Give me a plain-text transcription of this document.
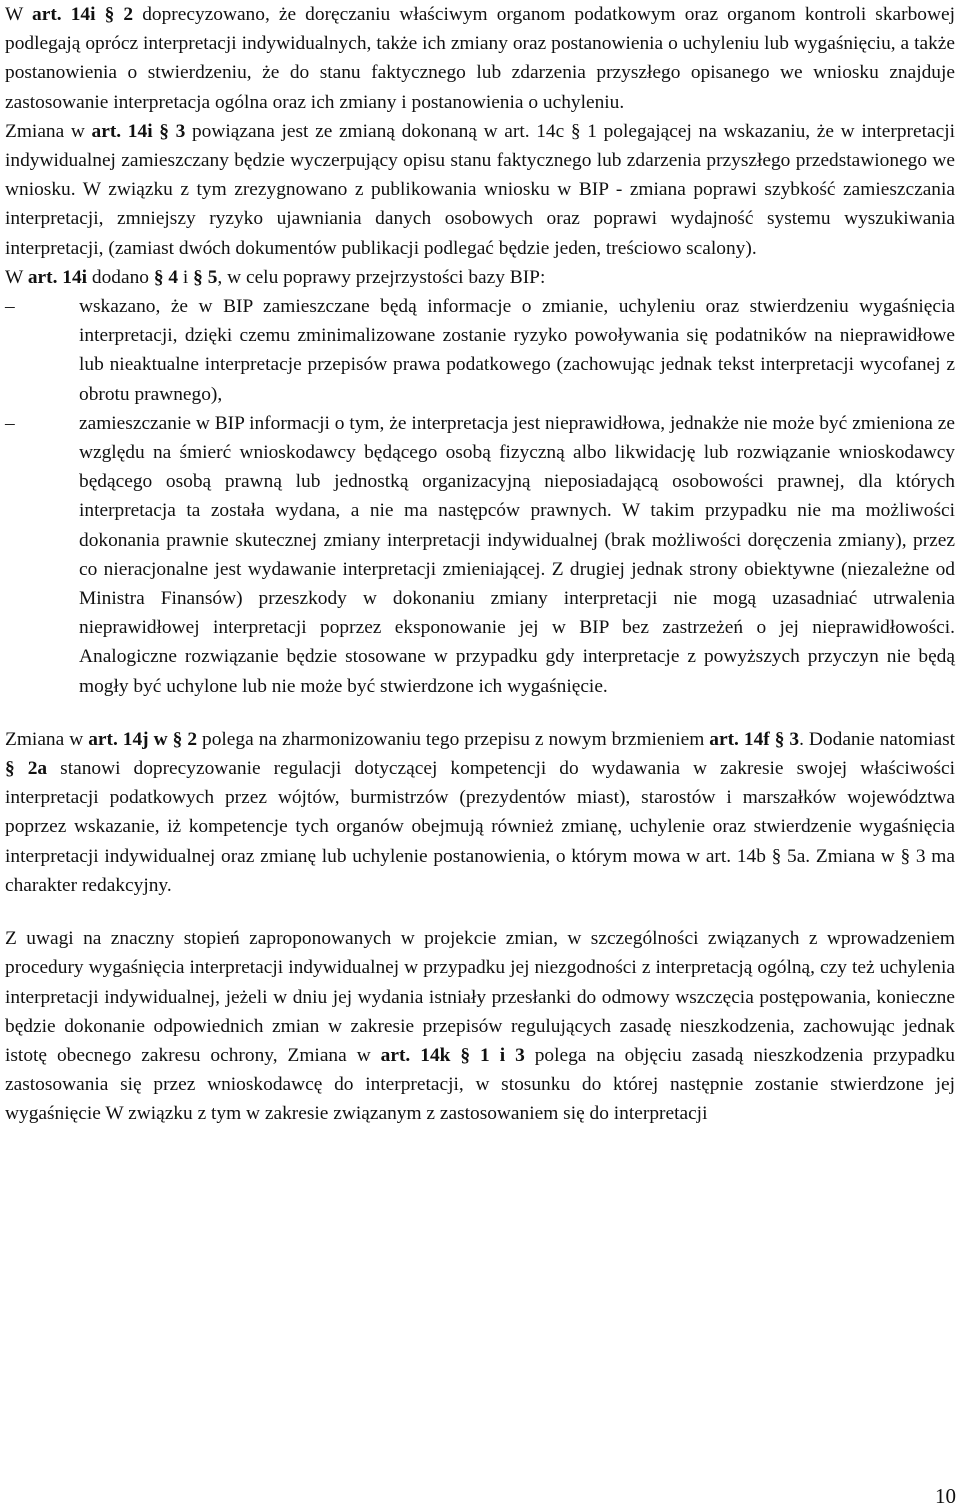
W art. 14i § 2 doprecyzowano, że doręczaniu właściwym organom podatkowym oraz organom kontroli skarbowej podlegają oprócz interpretacji indywidualnych, także ich zmiany oraz postanowienia o uchyleniu lub wygaśnięciu, a także postanowienia o stwierdzeniu, że do stanu faktycznego lub zdarzenia przyszłego opisanego we wniosku znajduje zastosowanie interpretacja ogólna oraz ich zmiany i postanowienia o uchyleniu.

Zmiana w art. 14i § 3 powiązana jest ze zmianą dokonaną w art. 14c § 1 polegającej na wskazaniu, że w interpretacji indywidualnej zamieszczany będzie wyczerpujący opisu stanu faktycznego lub zdarzenia przyszłego przedstawionego we wniosku. W związku z tym zrezygnowano z publikowania wniosku w BIP - zmiana poprawi szybkość zamieszczania interpretacji, zmniejszy ryzyko ujawniania danych osobowych oraz poprawi wydajność systemu wyszukiwania interpretacji, (zamiast dwóch dokumentów publikacji podlegać będzie jeden, treściowo scalony).

W art. 14i dodano § 4 i § 5, w celu poprawy przejrzystości bazy BIP:

–	wskazano, że w BIP zamieszczane będą informacje o zmianie, uchyleniu oraz stwierdzeniu wygaśnięcia interpretacji, dzięki czemu zminimalizowane zostanie ryzyko powoływania się podatników na nieprawidłowe lub nieaktualne interpretacje przepisów prawa podatkowego (zachowując jednak tekst interpretacji wycofanej z obrotu prawnego),
–	zamieszczanie w BIP informacji o tym, że interpretacja jest nieprawidłowa, jednakże nie może być zmieniona ze względu na śmierć wnioskodawcy będącego osobą fizyczną albo likwidację lub rozwiązanie wnioskodawcy będącego osobą prawną lub jednostką organizacyjną nieposiadającą osobowości prawnej, dla których interpretacja ta została wydana, a nie ma następców prawnych. W takim przypadku nie ma możliwości dokonania prawnie skutecznej zmiany interpretacji indywidualnej (brak możliwości doręczenia zmiany), przez co nieracjonalne jest wydawanie interpretacji zmieniającej. Z drugiej jednak strony obiektywne (niezależne od Ministra Finansów) przeszkody w dokonaniu zmiany interpretacji nie mogą uzasadniać utrwalenia nieprawidłowej interpretacji poprzez eksponowanie jej w BIP bez zastrzeżeń o jej nieprawidłowości. Analogiczne rozwiązanie będzie stosowane w przypadku gdy interpretacje z powyższych przyczyn nie będą mogły być uchylone lub nie może być stwierdzone ich wygaśnięcie.

Zmiana w art. 14j w § 2 polega na zharmonizowaniu tego przepisu z nowym brzmieniem art. 14f § 3. Dodanie natomiast § 2a stanowi doprecyzowanie regulacji dotyczącej kompetencji do wydawania w zakresie swojej właściwości interpretacji podatkowych przez wójtów, burmistrzów (prezydentów miast), starostów i marszałków województwa poprzez wskazanie, iż kompetencje tych organów obejmują również zmianę, uchylenie oraz stwierdzenie wygaśnięcia interpretacji indywidualnej oraz zmianę lub uchylenie postanowienia, o którym mowa w art. 14b § 5a. Zmiana w § 3 ma charakter redakcyjny.

Z uwagi na znaczny stopień zaproponowanych w projekcie zmian, w szczególności związanych z wprowadzeniem procedury wygaśnięcia interpretacji indywidualnej w przypadku jej niezgodności z interpretacją ogólną, czy też uchylenia interpretacji indywidualnej, jeżeli w dniu jej wydania istniały przesłanki do odmowy wszczęcia postępowania, konieczne będzie dokonanie odpowiednich zmian w zakresie przepisów regulujących zasadę nieszkodzenia, zachowując jednak istotę obecnego zakresu ochrony, Zmiana w art. 14k § 1 i 3 polega na objęciu zasadą nieszkodzenia przypadku zastosowania się przez wnioskodawcę do interpretacji, w stosunku do której następnie zostanie stwierdzone jej wygaśnięcie W związku z tym w zakresie związanym z zastosowaniem się do interpretacji

10
